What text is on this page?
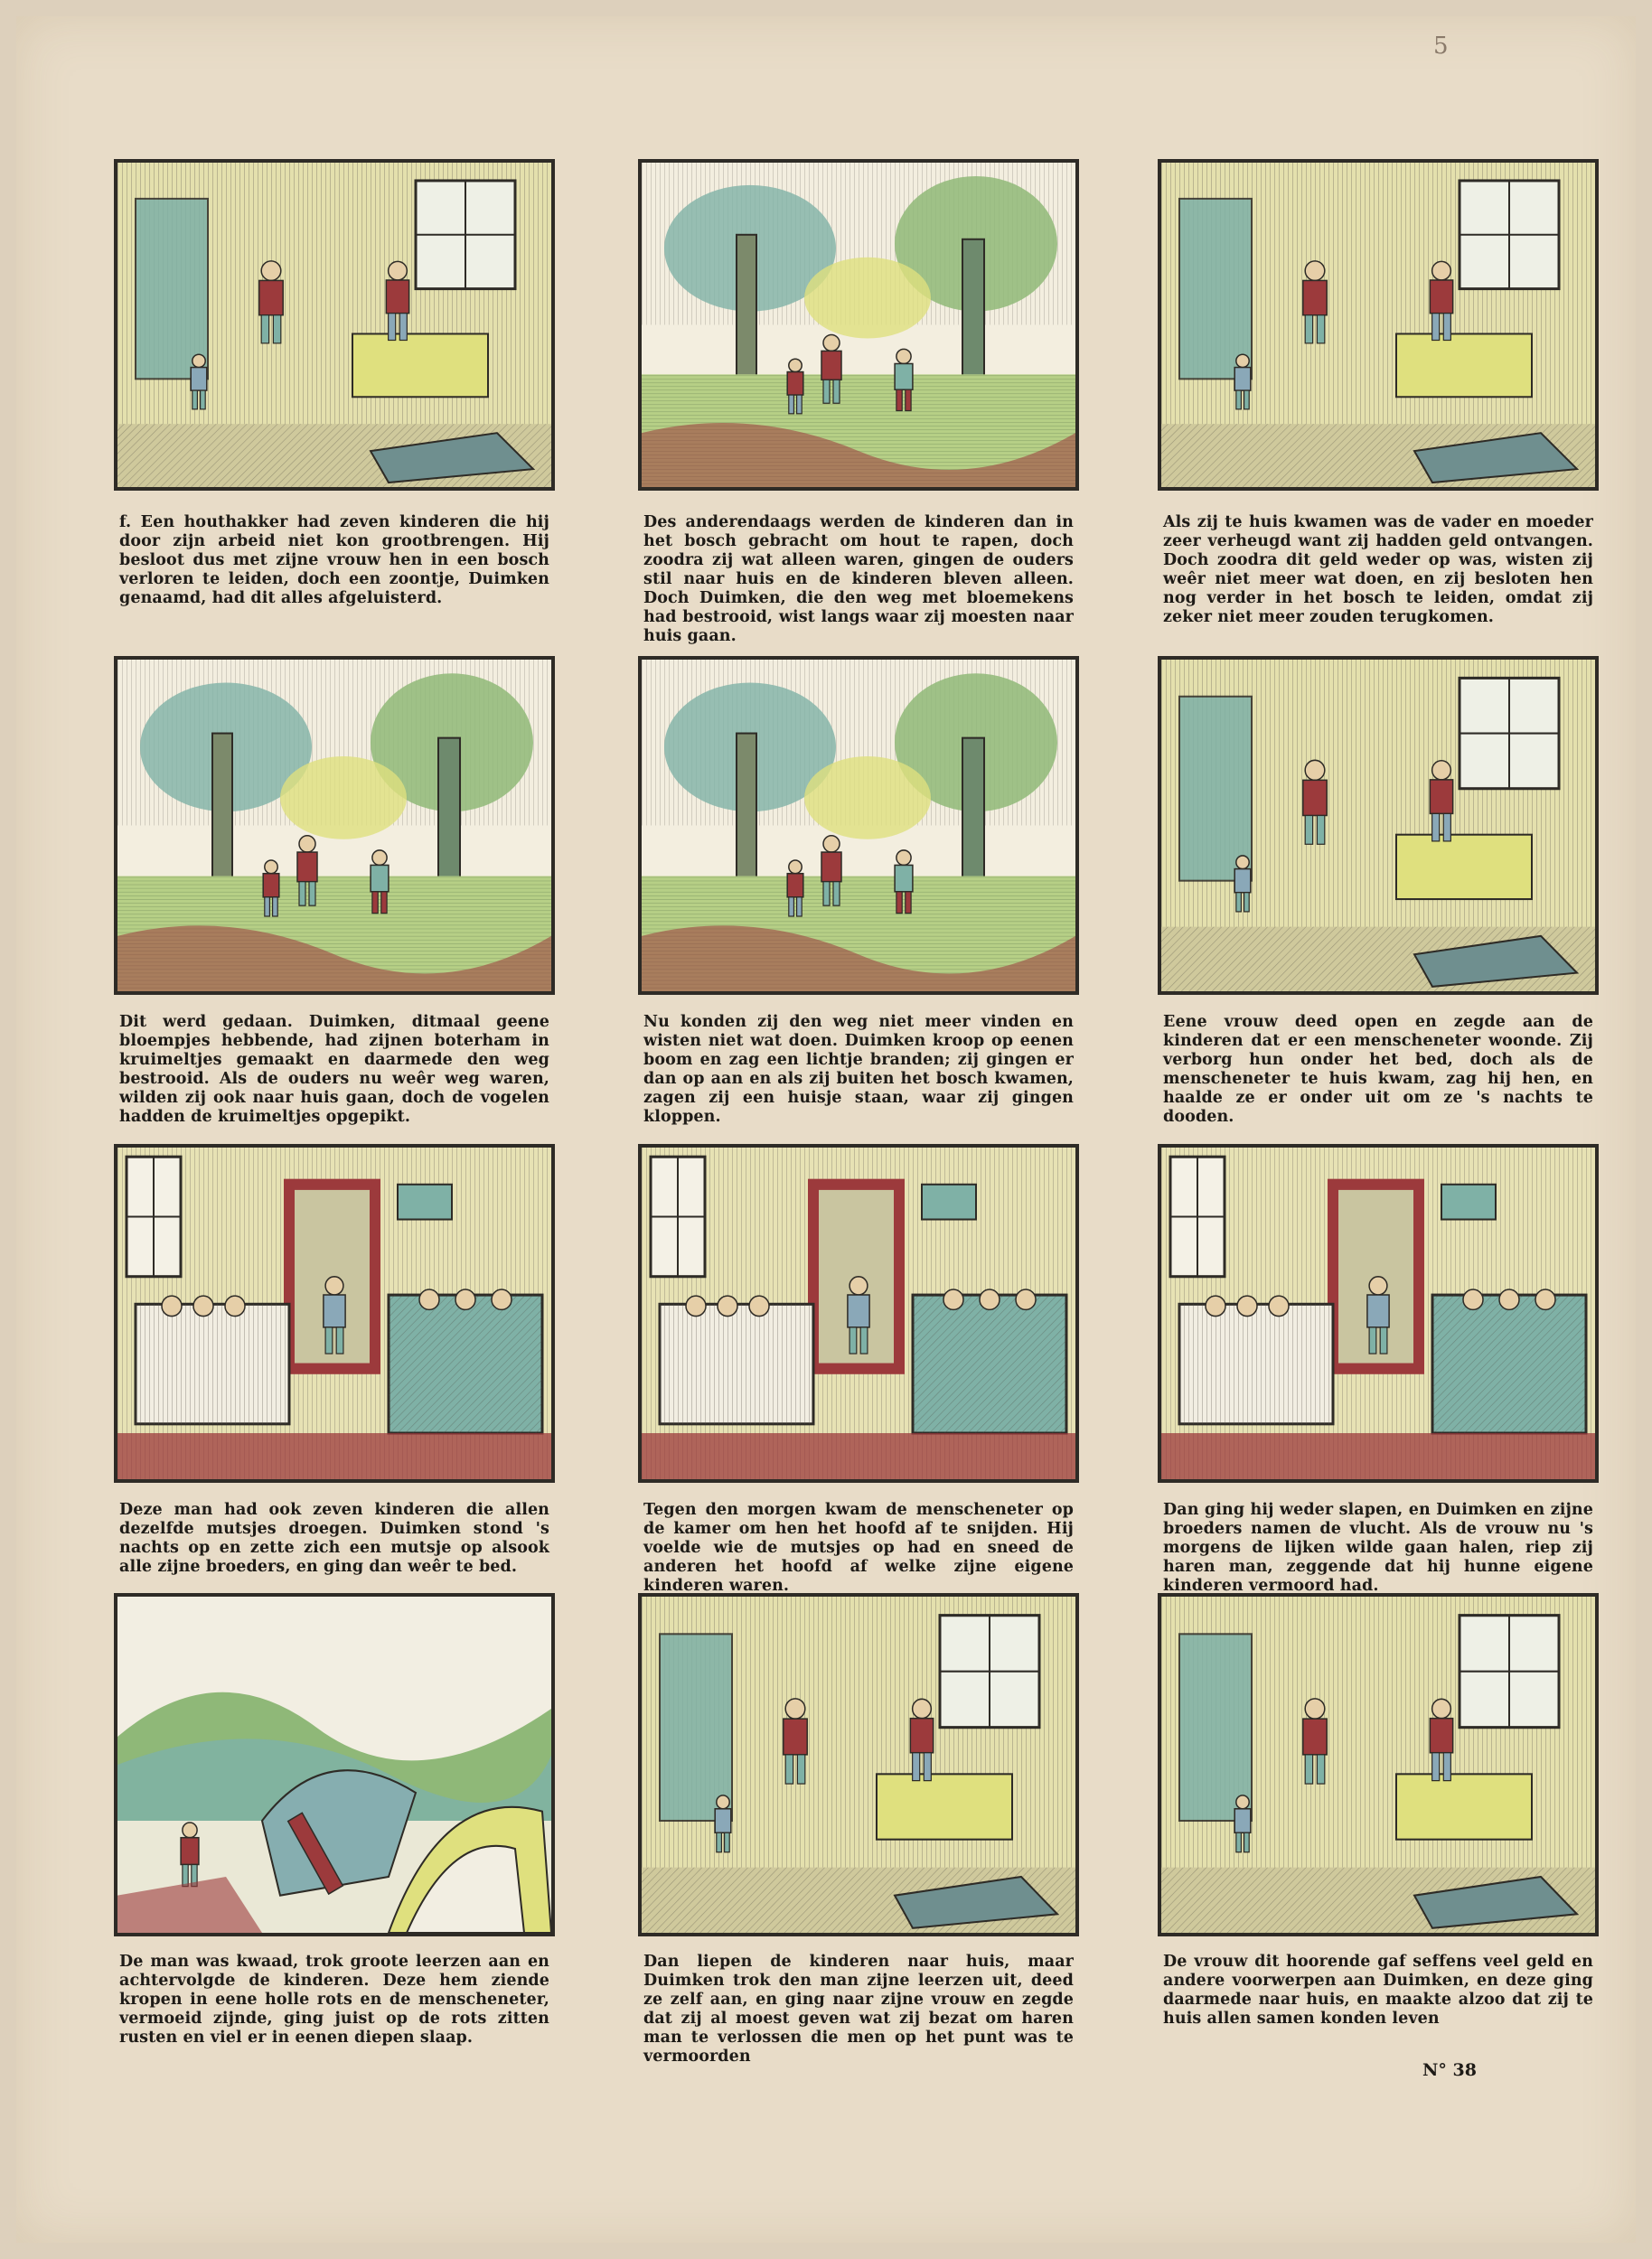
5
f. Een houthakker had zeven kinderen die hij door zijn arbeid niet kon grootbrengen. Hij besloot dus met zijne vrouw hen in een bosch verloren te leiden, doch een zoontje, Duimken genaamd, had dit alles afgeluisterd.
Des anderendaags werden de kinderen dan in het bosch gebracht om hout te rapen, doch zoodra zij wat alleen waren, gingen de ouders stil naar huis en de kinderen bleven alleen. Doch Duimken, die den weg met bloemekens had bestrooid, wist langs waar zij moesten naar huis gaan.
Als zij te huis kwamen was de vader en moeder zeer verheugd want zij hadden geld ontvangen. Doch zoodra dit geld weder op was, wisten zij weêr niet meer wat doen, en zij besloten hen nog verder in het bosch te leiden, omdat zij zeker niet meer zouden terugkomen.
Dit werd gedaan. Duimken, ditmaal geene bloempjes hebbende, had zijnen boterham in kruimeltjes gemaakt en daarmede den weg bestrooid. Als de ouders nu weêr weg waren, wilden zij ook naar huis gaan, doch de vogelen hadden de kruimeltjes opgepikt.
Nu konden zij den weg niet meer vinden en wisten niet wat doen. Duimken kroop op eenen boom en zag een lichtje branden; zij gingen er dan op aan en als zij buiten het bosch kwamen, zagen zij een huisje staan, waar zij gingen kloppen.
Eene vrouw deed open en zegde aan de kinderen dat er een menscheneter woonde. Zij verborg hun onder het bed, doch als de menscheneter te huis kwam, zag hij hen, en haalde ze er onder uit om ze 's nachts te dooden.
Deze man had ook zeven kinderen die allen dezelfde mutsjes droegen. Duimken stond 's nachts op en zette zich een mutsje op alsook alle zijne broeders, en ging dan weêr te bed.
Tegen den morgen kwam de menscheneter op de kamer om hen het hoofd af te snijden. Hij voelde wie de mutsjes op had en sneed de anderen het hoofd af welke zijne eigene kinderen waren.
Dan ging hij weder slapen, en Duimken en zijne broeders namen de vlucht. Als de vrouw nu 's morgens de lijken wilde gaan halen, riep zij haren man, zeggende dat hij hunne eigene kinderen vermoord had.
De man was kwaad, trok groote leerzen aan en achtervolgde de kinderen. Deze hem ziende kropen in eene holle rots en de menscheneter, vermoeid zijnde, ging juist op de rots zitten rusten en viel er in eenen diepen slaap.
Dan liepen de kinderen naar huis, maar Duimken trok den man zijne leerzen uit, deed ze zelf aan, en ging naar zijne vrouw en zegde dat zij al moest geven wat zij bezat om haren man te verlossen die men op het punt was te vermoorden
De vrouw dit hoorende gaf seffens veel geld en andere voorwerpen aan Duimken, en deze ging daarmede naar huis, en maakte alzoo dat zij te huis allen samen konden leven
N° 38
